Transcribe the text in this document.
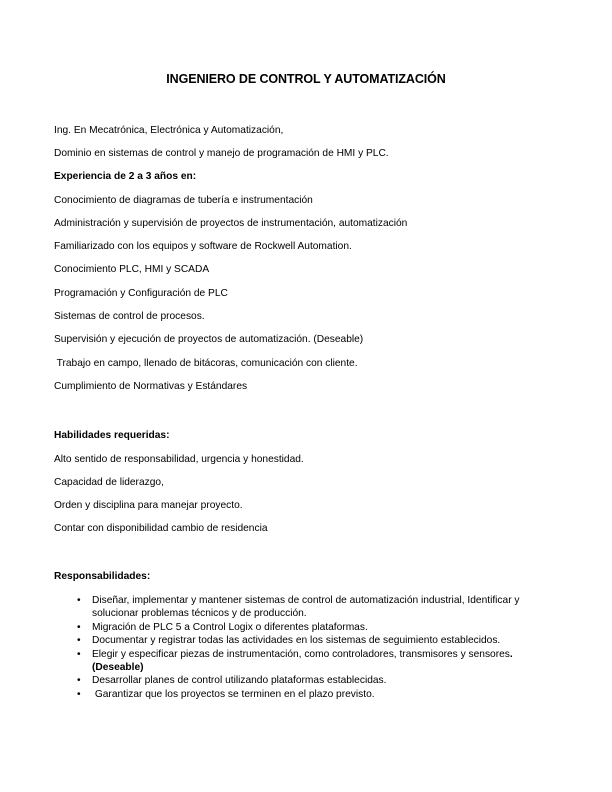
INGENIERO DE CONTROL Y AUTOMATIZACIÓN
Ing. En Mecatrónica, Electrónica y Automatización,
Dominio en sistemas de control y manejo de programación de HMI y PLC.
Experiencia de 2 a 3 años en:
Conocimiento de diagramas de tubería e instrumentación
Administración y supervisión de proyectos de instrumentación, automatización
Familiarizado con los equipos y software de Rockwell Automation.
Conocimiento PLC, HMI y SCADA
Programación y Configuración de PLC
Sistemas de control de procesos.
Supervisión y ejecución de proyectos de automatización. (Deseable)
Trabajo en campo, llenado de bitácoras, comunicación con cliente.
Cumplimiento de Normativas y Estándares
Habilidades requeridas:
Alto sentido de responsabilidad, urgencia y honestidad.
Capacidad de liderazgo,
Orden y disciplina para manejar proyecto.
Contar con disponibilidad cambio de residencia
Responsabilidades:
• Diseñar, implementar y mantener sistemas de control de automatización industrial, Identificar y solucionar problemas técnicos y de producción.
• Migración de PLC 5 a Control Logix o diferentes plataformas.
• Documentar y registrar todas las actividades en los sistemas de seguimiento establecidos.
• Elegir y especificar piezas de instrumentación, como controladores, transmisores y sensores. (Deseable)
• Desarrollar planes de control utilizando plataformas establecidas.
• Garantizar que los proyectos se terminen en el plazo previsto.
